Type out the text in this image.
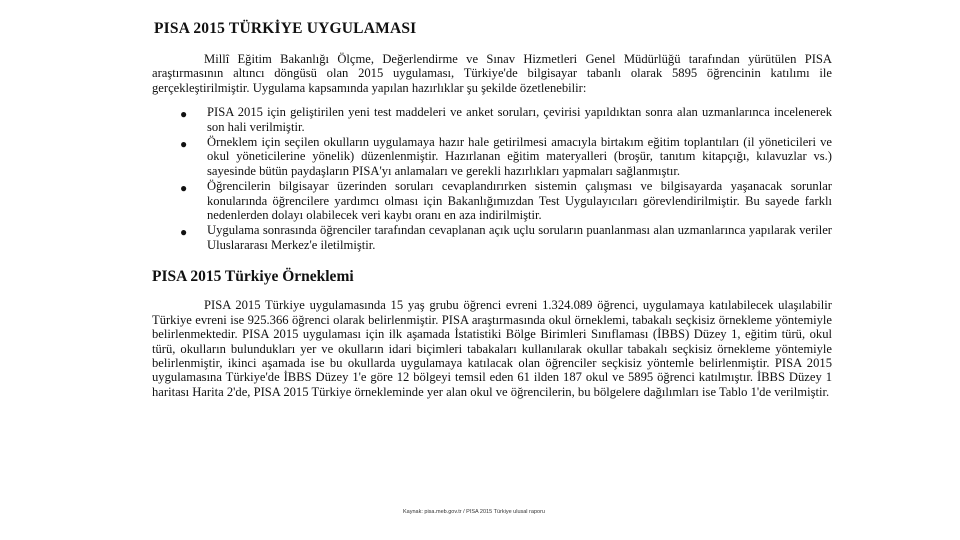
PISA 2015 TÜRKİYE UYGULAMASI

Millî Eğitim Bakanlığı Ölçme, Değerlendirme ve Sınav Hizmetleri Genel Müdürlüğü tarafından yürütülen PISA araştırmasının altıncı döngüsü olan 2015 uygulaması, Türkiye'de bilgisayar tabanlı olarak 5895 öğrencinin katılımı ile gerçekleştirilmiştir. Uygulama kapsamında yapılan hazırlıklar şu şekilde özetlenebilir:

● PISA 2015 için geliştirilen yeni test maddeleri ve anket soruları, çevirisi yapıldıktan sonra alan uzmanlarınca incelenerek son hali verilmiştir.
● Örneklem için seçilen okulların uygulamaya hazır hale getirilmesi amacıyla birtakım eğitim toplantıları (il yöneticileri ve okul yöneticilerine yönelik) düzenlenmiştir. Hazırlanan eğitim materyalleri (broşür, tanıtım kitapçığı, kılavuzlar vs.) sayesinde bütün paydaşların PISA'yı anlamaları ve gerekli hazırlıkları yapmaları sağlanmıştır.
● Öğrencilerin bilgisayar üzerinden soruları cevaplandırırken sistemin çalışması ve bilgisayarda yaşanacak sorunlar konularında öğrencilere yardımcı olması için Bakanlığımızdan Test Uygulayıcıları görevlendirilmiştir. Bu sayede farklı nedenlerden dolayı olabilecek veri kaybı oranı en aza indirilmiştir.
● Uygulama sonrasında öğrenciler tarafından cevaplanan açık uçlu soruların puanlanması alan uzmanlarınca yapılarak veriler Uluslararası Merkez'e iletilmiştir.
PISA 2015 Türkiye Örneklemi

PISA 2015 Türkiye uygulamasında 15 yaş grubu öğrenci evreni 1.324.089 öğrenci, uygulamaya katılabilecek ulaşılabilir Türkiye evreni ise 925.366 öğrenci olarak belirlenmiştir. PISA araştırmasında okul örneklemi, tabakalı seçkisiz örnekleme yöntemiyle belirlenmektedir. PISA 2015 uygulaması için ilk aşamada İstatistiki Bölge Birimleri Sınıflaması (İBBS) Düzey 1, eğitim türü, okul türü, okulların bulundukları yer ve okulların idari biçimleri tabakaları kullanılarak okullar tabakalı seçkisiz örnekleme yöntemiyle belirlenmiştir, ikinci aşamada ise bu okullarda uygulamaya katılacak olan öğrenciler seçkisiz yöntemle belirlenmiştir. PISA 2015 uygulamasına Türkiye'de İBBS Düzey 1'e göre 12 bölgeyi temsil eden 61 ilden 187 okul ve 5895 öğrenci katılmıştır. İBBS Düzey 1 haritası Harita 2'de, PISA 2015 Türkiye örnekleminde yer alan okul ve öğrencilerin, bu bölgelere dağılımları ise Tablo 1'de verilmiştir.

Kaynak: pisa.meb.gov.tr / PISA 2015 Türkiye ulusal raporu
